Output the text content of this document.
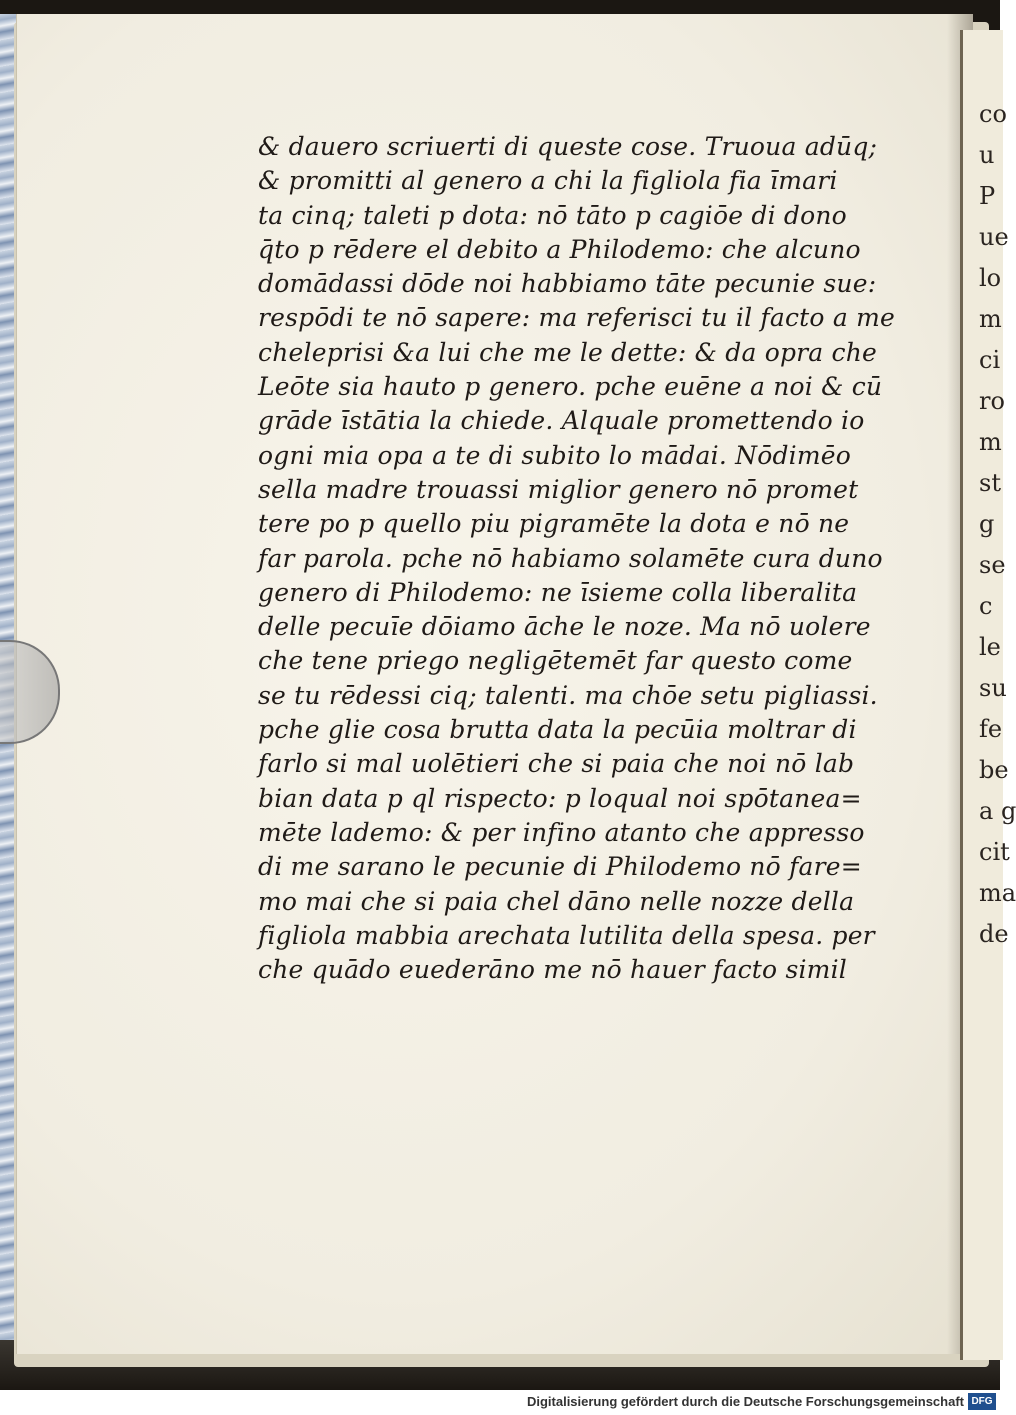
co
u
P
ue
lo
m
ci
ro
m
st
g
se
c
le
su
fe
be
a g
cit
ma
de
& dauero scriuerti di queste cose. Truoua adūq;
& promitti al genero a chi la figliola fia īmari
ta cinq; taleti p dota: nō tāto p cagiōe di dono
q̄to p rēdere el debito a Philodemo: che alcuno
domādassi dōde noi habbiamo tāte pecunie sue:
respōdi te nō sapere: ma referisci tu il facto a me
cheleprisi &a lui che me le dette: & da opra che
Leōte sia hauto p genero. pche euēne a noi & cū
grāde īstātia la chiede. Alquale promettendo io
ogni mia opa a te di subito lo mādai. Nōdimēo
sella madre trouassi miglior genero nō promet
tere po p quello piu pigramēte la dota e nō ne
far parola. pche nō habiamo solamēte cura duno
genero di Philodemo: ne īsieme colla liberalita
delle pecuīe dōiamo āche le noze. Ma nō uolere
che tene priego negligētemēt far questo come
se tu rēdessi ciq; talenti. ma chōe setu pigliassi.
pche glie cosa brutta data la pecūia moltrar di
farlo si mal uolētieri che si paia che noi nō lab
bian data p ql rispecto: p loqual noi spōtanea=
mēte lademo: & per infino atanto che appresso
di me sarano le pecunie di Philodemo nō fare=
mo mai che si paia chel dāno nelle nozze della
figliola mabbia arechata lutilita della spesa. per
che quādo euederāno me nō hauer facto simil
Digitalisierung gefördert durch die Deutsche Forschungsgemeinschaft DFG
